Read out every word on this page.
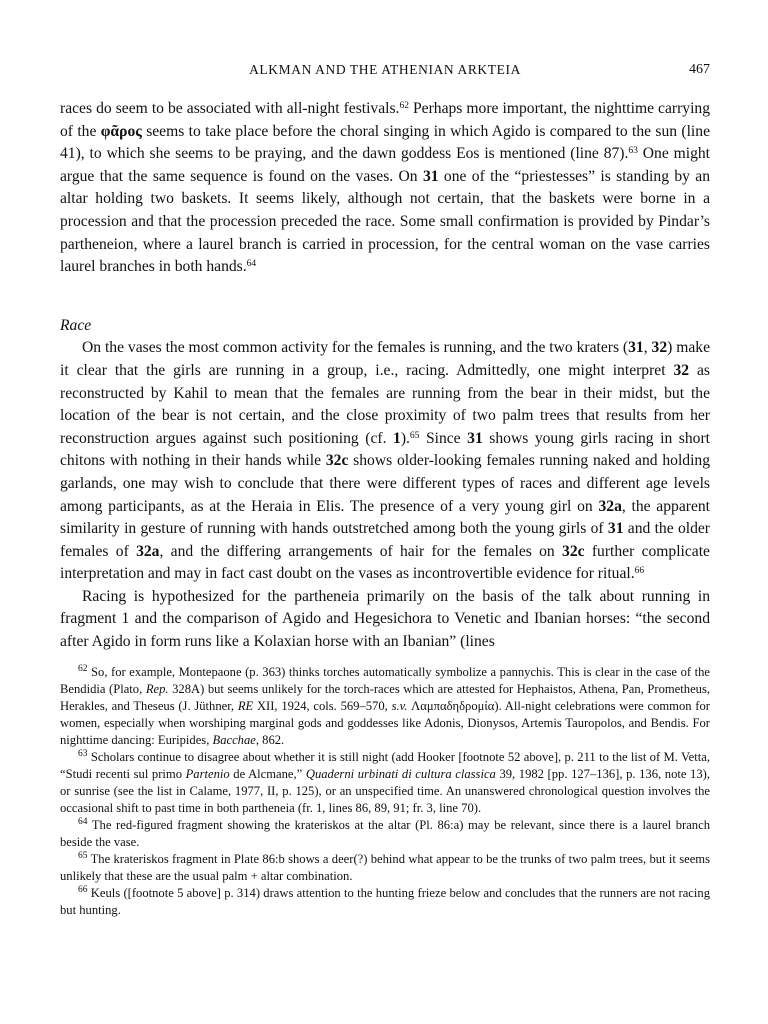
ALKMAN AND THE ATHENIAN ARKTEIA	467

races do seem to be associated with all-night festivals.$^{62}$ Perhaps more important, the nighttime carrying of the φᾶρος seems to take place before the choral singing in which Agido is compared to the sun (line 41), to which she seems to be praying, and the dawn goddess Eos is mentioned (line 87).$^{63}$ One might argue that the same sequence is found on the vases. On 31 one of the “priestesses” is standing by an altar holding two baskets. It seems likely, although not certain, that the baskets were borne in a procession and that the procession preceded the race. Some small confirmation is provided by Pindar’s partheneion, where a laurel branch is carried in procession, for the central woman on the vase carries laurel branches in both hands.$^{64}$

Race

On the vases the most common activity for the females is running, and the two kraters (31, 32) make it clear that the girls are running in a group, i.e., racing. Admittedly, one might interpret 32 as reconstructed by Kahil to mean that the females are running from the bear in their midst, but the location of the bear is not certain, and the close proximity of two palm trees that results from her reconstruction argues against such positioning (cf. 1).$^{65}$ Since 31 shows young girls racing in short chitons with nothing in their hands while 32c shows older-looking females running naked and holding garlands, one may wish to conclude that there were different types of races and different age levels among participants, as at the Heraia in Elis. The presence of a very young girl on 32a, the apparent similarity in gesture of running with hands outstretched among both the young girls of 31 and the older females of 32a, and the differing arrangements of hair for the females on 32c further complicate interpretation and may in fact cast doubt on the vases as incontrovertible evidence for ritual.$^{66}$

Racing is hypothesized for the partheneia primarily on the basis of the talk about running in fragment 1 and the comparison of Agido and Hegesichora to Venetic and Ibanian horses: “the second after Agido in form runs like a Kolaxian horse with an Ibanian” (lines

$^{62}$ So, for example, Montepaone (p. 363) thinks torches automatically symbolize a pannychis. This is clear in the case of the Bendidia (Plato, Rep. 328A) but seems unlikely for the torch-races which are attested for Hephaistos, Athena, Pan, Prometheus, Herakles, and Theseus (J. Jüthner, RE XII, 1924, cols. 569–570, s.v. Λαμπαδηδρομία). All-night celebrations were common for women, especially when worshiping marginal gods and goddesses like Adonis, Dionysos, Artemis Tauropolos, and Bendis. For nighttime dancing: Euripides, Bacchae, 862.

$^{63}$ Scholars continue to disagree about whether it is still night (add Hooker [footnote 52 above], p. 211 to the list of M. Vetta, “Studi recenti sul primo Partenio de Alcmane,” Quaderni urbinati di cultura classica 39, 1982 [pp. 127–136], p. 136, note 13), or sunrise (see the list in Calame, 1977, II, p. 125), or an unspecified time. An unanswered chronological question involves the occasional shift to past time in both partheneia (fr. 1, lines 86, 89, 91; fr. 3, line 70).

$^{64}$ The red-figured fragment showing the krateriskos at the altar (Pl. 86:a) may be relevant, since there is a laurel branch beside the vase.

$^{65}$ The krateriskos fragment in Plate 86:b shows a deer(?) behind what appear to be the trunks of two palm trees, but it seems unlikely that these are the usual palm + altar combination.

$^{66}$ Keuls ([footnote 5 above] p. 314) draws attention to the hunting frieze below and concludes that the runners are not racing but hunting.
